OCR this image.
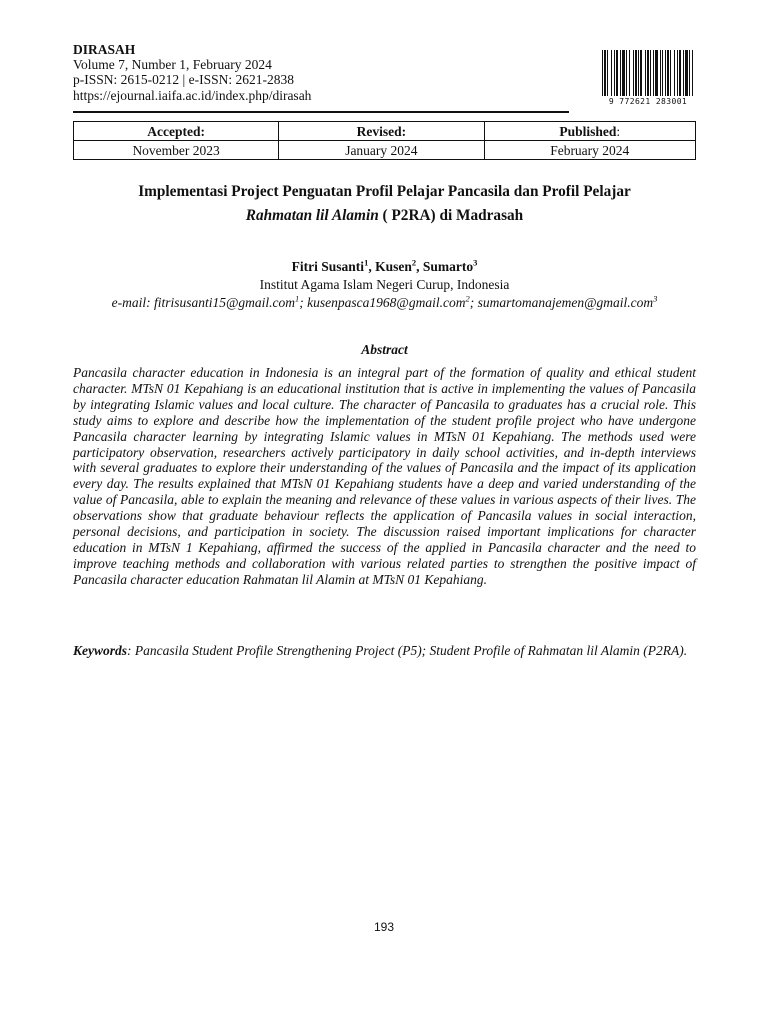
DIRASAH
Volume 7, Number 1, February 2024
p-ISSN: 2615-0212 | e-ISSN: 2621-2838
https://ejournal.iaifa.ac.id/index.php/dirasah	9 772621 283001
Accepted:	Revised:	Published:
November 2023	January 2024	February 2024
Implementasi Project Penguatan Profil Pelajar Pancasila dan Profil Pelajar
Rahmatan lil Alamin ( P2RA) di Madrasah
Fitri Susanti$^1$, Kusen$^2$, Sumarto$^3$
Institut Agama Islam Negeri Curup, Indonesia
e-mail: fitrisusanti15@gmail.com$^1$; kusenpasca1968@gmail.com$^2$; sumartomanajemen@gmail.com$^3$
Abstract

Pancasila character education in Indonesia is an integral part of the formation of quality and ethical student character. MTsN 01 Kepahiang is an educational institution that is active in implementing the values of Pancasila by integrating Islamic values and local culture. The character of Pancasila to graduates has a crucial role. This study aims to explore and describe how the implementation of the student profile project who have undergone Pancasila character learning by integrating Islamic values in MTsN 01 Kepahiang. The methods used were participatory observation, researchers actively participatory in daily school activities, and in-depth interviews with several graduates to explore their understanding of the values of Pancasila and the impact of its application every day. The results explained that MTsN 01 Kepahiang students have a deep and varied understanding of the value of Pancasila, able to explain the meaning and relevance of these values in various aspects of their lives. The observations show that graduate behaviour reflects the application of Pancasila values in social interaction, personal decisions, and participation in society. The discussion raised important implications for character education in MTsN 1 Kepahiang, affirmed the success of the applied in Pancasila character and the need to improve teaching methods and collaboration with various related parties to strengthen the positive impact of Pancasila character education Rahmatan lil Alamin at MTsN 01 Kepahiang.

Keywords: Pancasila Student Profile Strengthening Project (P5); Student Profile of Rahmatan lil Alamin (P2RA).
193
